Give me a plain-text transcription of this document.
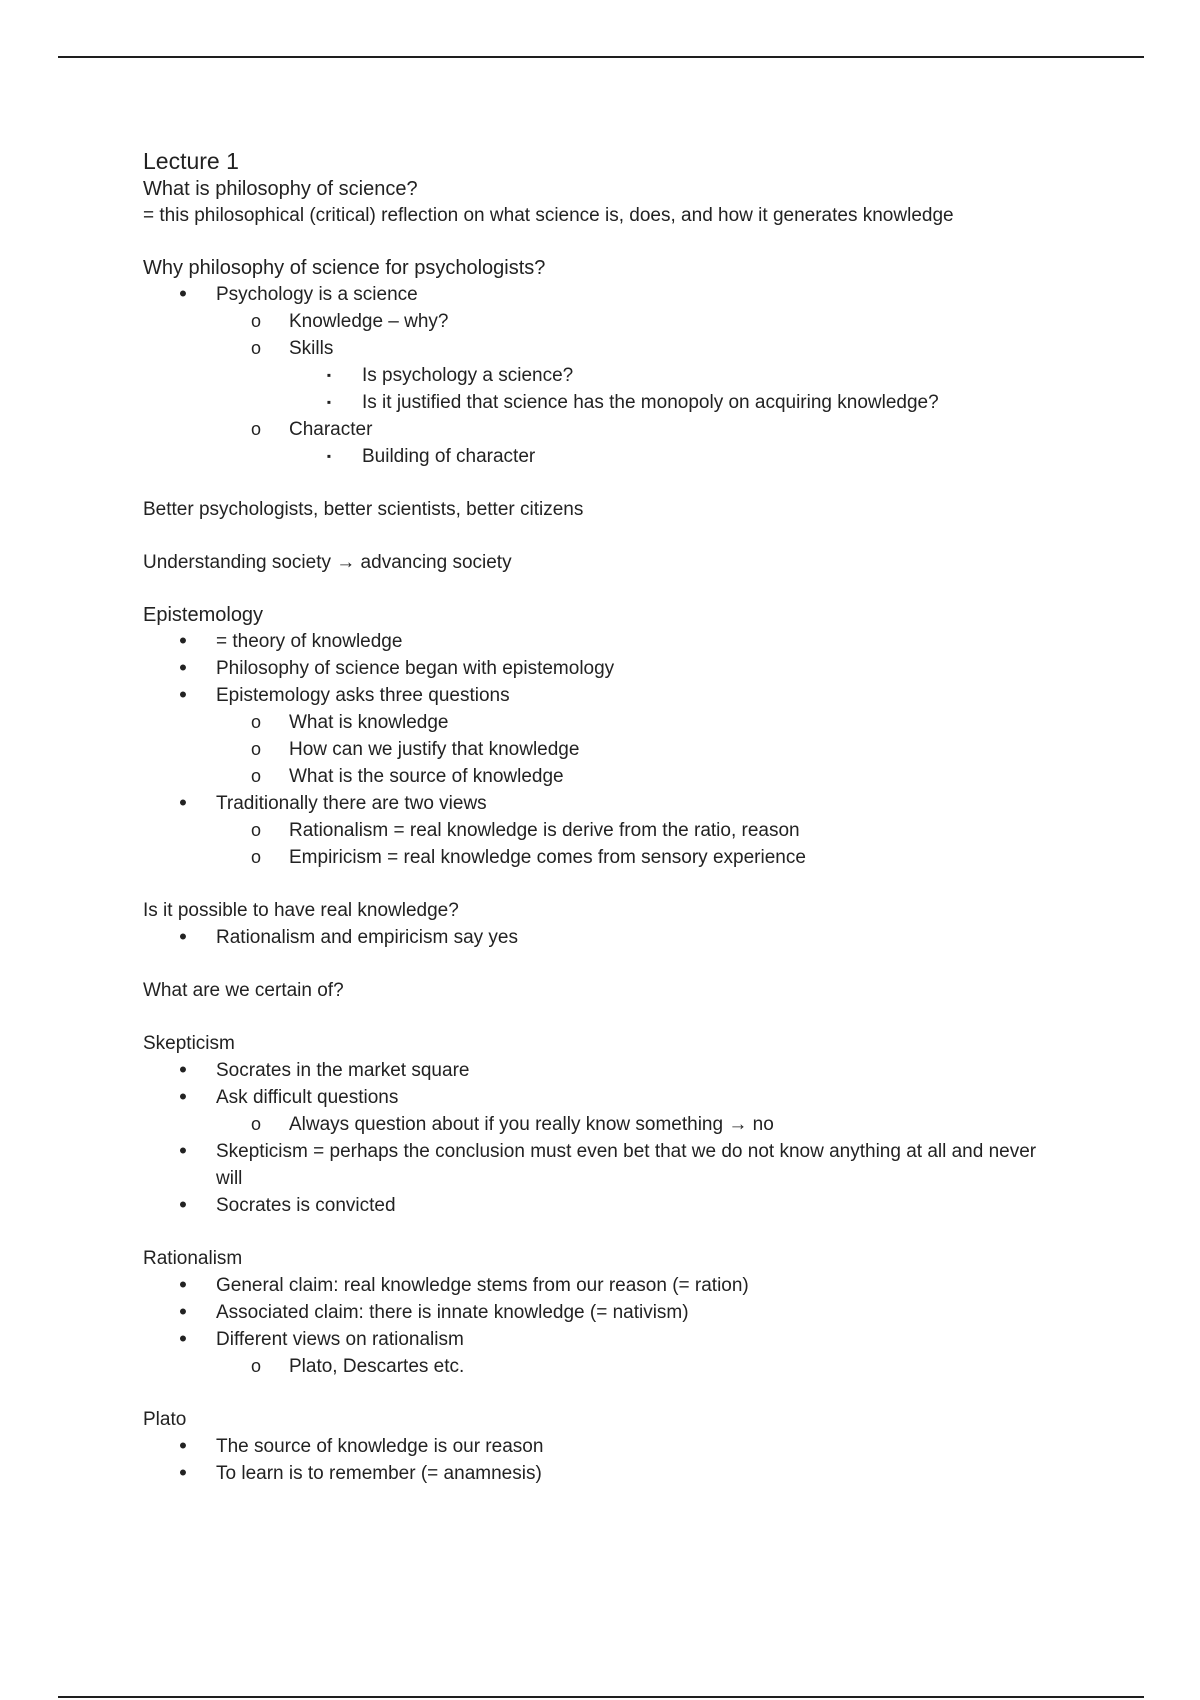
Lecture 1
What is philosophy of science?
= this philosophical (critical) reflection on what science is, does, and how it generates knowledge
Why philosophy of science for psychologists?
•	Psychology is a science
o Knowledge – why?
o Skills
▪	Is psychology a science?
▪	Is it justified that science has the monopoly on acquiring knowledge?
o Character
▪	Building of character
Better psychologists, better scientists, better citizens
Understanding society → advancing society
Epistemology
•	= theory of knowledge
•	Philosophy of science began with epistemology
•	Epistemology asks three questions
o What is knowledge
o How can we justify that knowledge
o What is the source of knowledge
•	Traditionally there are two views
o Rationalism = real knowledge is derive from the ratio, reason
o Empiricism = real knowledge comes from sensory experience
Is it possible to have real knowledge?
•	Rationalism and empiricism say yes
What are we certain of?
Skepticism
•	Socrates in the market square
•	Ask difficult questions
o Always question about if you really know something → no
•	Skepticism = perhaps the conclusion must even bet that we do not know anything at all and never will
•	Socrates is convicted
Rationalism
•	General claim: real knowledge stems from our reason (= ration)
•	Associated claim: there is innate knowledge (= nativism)
•	Different views on rationalism
o Plato, Descartes etc.
Plato
•	The source of knowledge is our reason
•	To learn is to remember (= anamnesis)
